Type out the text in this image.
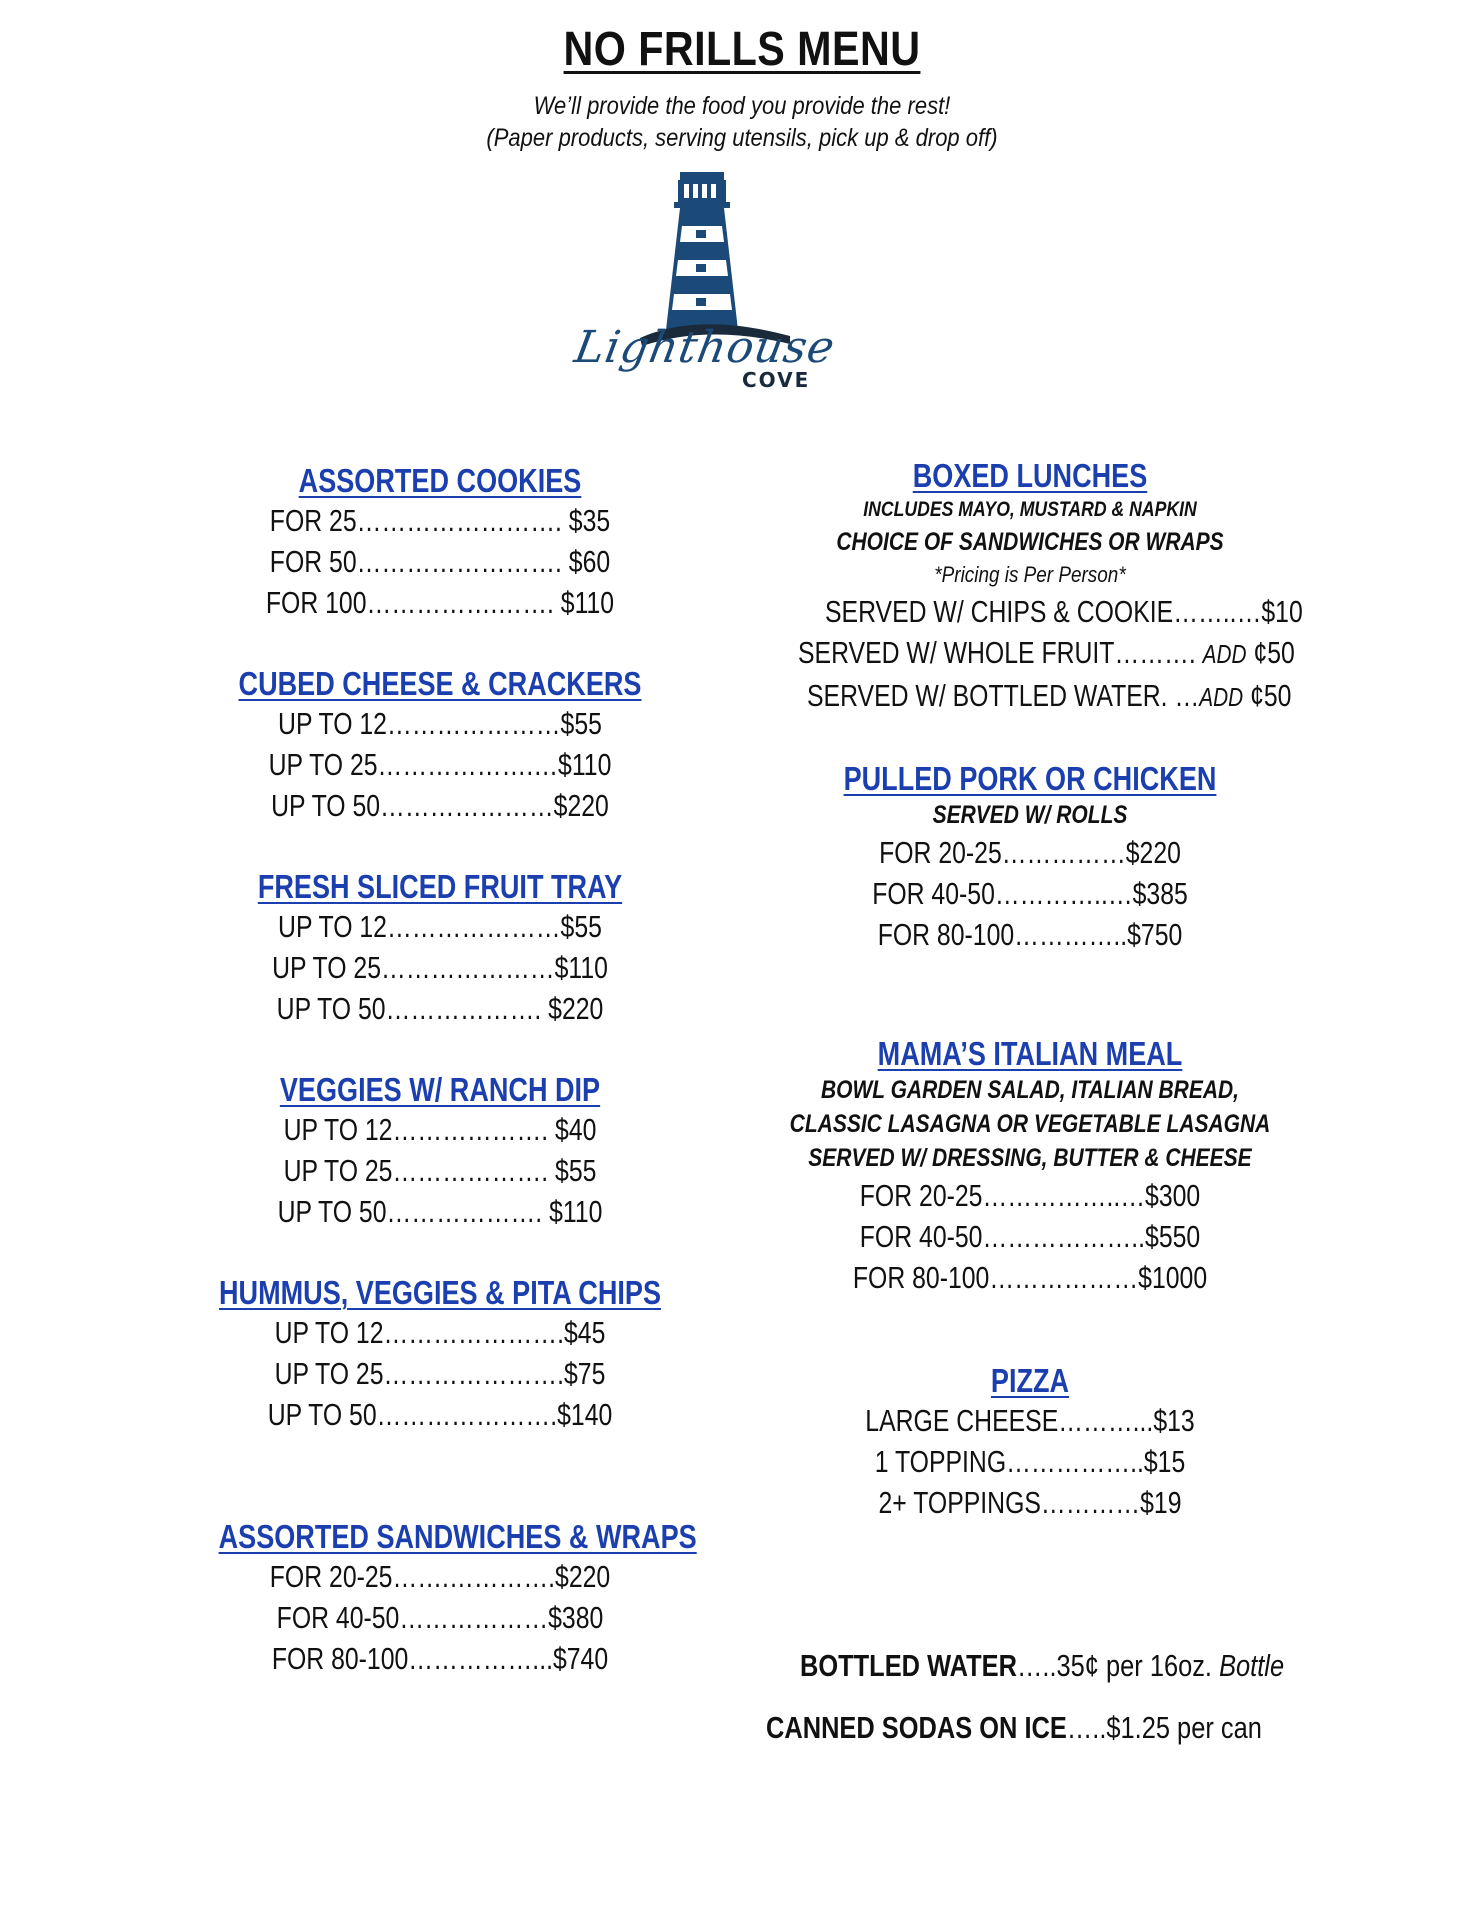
NO FRILLS MENU
We’ll provide the food you provide the rest!
(Paper products, serving utensils, pick up & drop off)
Lighthouse
COVE
ASSORTED COOKIES
FOR 25……………………. $35
FOR 50……………………. $60
FOR 100…………….……. $110
CUBED CHEESE & CRACKERS
UP TO 12…………………$55
UP TO 25……………….…$110
UP TO 50…………………$220
FRESH SLICED FRUIT TRAY
UP TO 12…………………$55
UP TO 25…………………$110
UP TO 50………………. $220
VEGGIES W/ RANCH DIP
UP TO 12………………. $40
UP TO 25………………. $55
UP TO 50………………. $110
HUMMUS, VEGGIES & PITA CHIPS
UP TO 12………………….$45
UP TO 25………………….$75
UP TO 50………………….$140
ASSORTED SANDWICHES & WRAPS
FOR 20-25…….………….$220
FOR 40-50………………$380
FOR 80-100……………...$740
BOXED LUNCHES
INCLUDES MAYO, MUSTARD & NAPKIN
CHOICE OF SANDWICHES OR WRAPS
*Pricing is Per Person*
SERVED W/ CHIPS & COOKIE……..…$10
SERVED W/ WHOLE FRUIT………. ADD ¢50
SERVED W/ BOTTLED WATER. …ADD ¢50
PULLED PORK OR CHICKEN
SERVED W/ ROLLS
FOR 20-25……………$220
FOR 40-50…………..…$385
FOR 80-100…………..$750
MAMA’S ITALIAN MEAL
BOWL GARDEN SALAD, ITALIAN BREAD,
CLASSIC LASAGNA OR VEGETABLE LASAGNA
SERVED W/ DRESSING, BUTTER & CHEESE
FOR 20-25……………..…$300
FOR 40-50………………..$550
FOR 80-100………………$1000
PIZZA
LARGE CHEESE………...$13
1 TOPPING……………..$15
2+ TOPPINGS…………$19
BOTTLED WATER…..35¢ per 16oz. Bottle
CANNED SODAS ON ICE…..$1.25 per can
